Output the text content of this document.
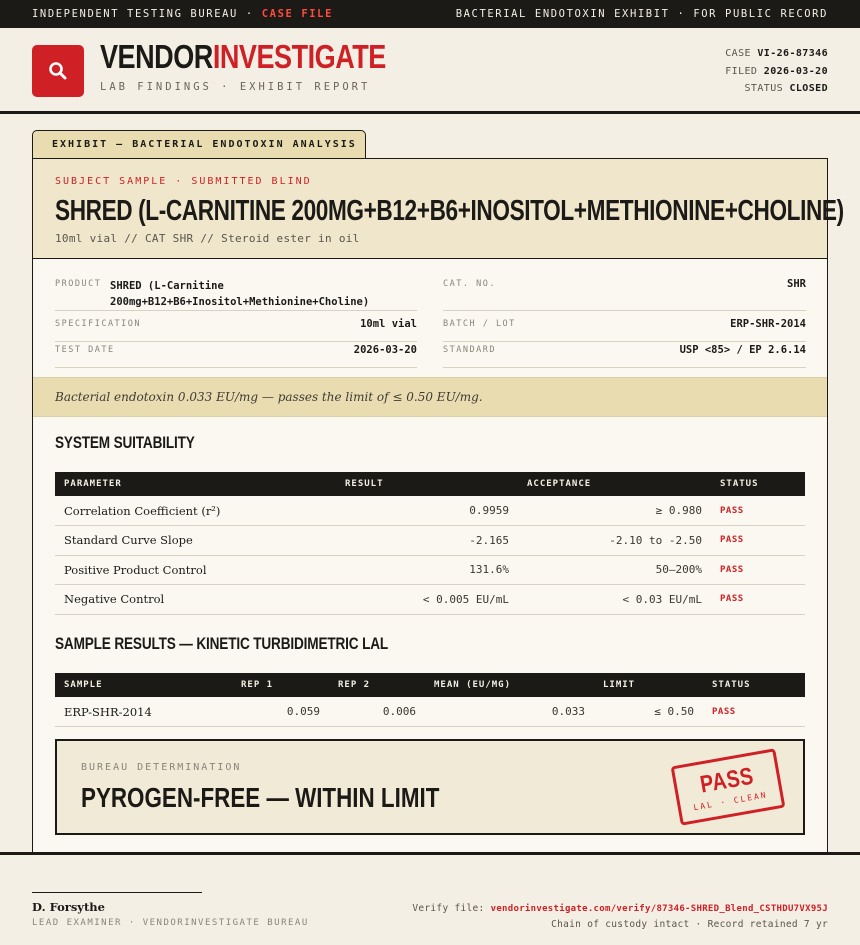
INDEPENDENT TESTING BUREAU · CASE FILE	BACTERIAL ENDOTOXIN EXHIBIT · FOR PUBLIC RECORD
VENDORINVESTIGATE
LAB FINDINGS · EXHIBIT REPORT
CASE VI-26-87346
FILED 2026-03-20
STATUS CLOSED
EXHIBIT — BACTERIAL ENDOTOXIN ANALYSIS
SUBJECT SAMPLE · SUBMITTED BLIND
SHRED (L-CARNITINE 200MG+B12+B6+INOSITOL+METHIONINE+CHOLINE)
10ml vial // CAT SHR // Steroid ester in oil
PRODUCT SHRED (L-Carnitine
200mg+B12+B6+Inositol+Methionine+Choline)
CAT. NO.	SHR
SPECIFICATION	10ml vial	BATCH / LOT	ERP-SHR-2014
TEST DATE	2026-03-20	STANDARD	USP <85> / EP 2.6.14
Bacterial endotoxin 0.033 EU/mg — passes the limit of ≤ 0.50 EU/mg.
SYSTEM SUITABILITY
PARAMETER	RESULT	ACCEPTANCE	STATUS
Correlation Coefficient (r²)	0.9959	≥ 0.980	PASS
Standard Curve Slope	-2.165	-2.10 to -2.50	PASS
Positive Product Control	131.6%	50–200%	PASS
Negative Control	< 0.005 EU/mL	< 0.03 EU/mL	PASS
SAMPLE RESULTS — KINETIC TURBIDIMETRIC LAL
SAMPLE	REP 1	REP 2	MEAN (EU/MG)	LIMIT	STATUS
ERP-SHR-2014	0.059	0.006	0.033	≤ 0.50	PASS
BUREAU DETERMINATION
PYROGEN-FREE — WITHIN LIMIT	PASS
LAL · CLEAN
D. Forsythe
LEAD EXAMINER · VENDORINVESTIGATE BUREAU
Verify file: vendorinvestigate.com/verify/87346-SHRED_Blend_CSTHDU7VX95J
Chain of custody intact · Record retained 7 yr
